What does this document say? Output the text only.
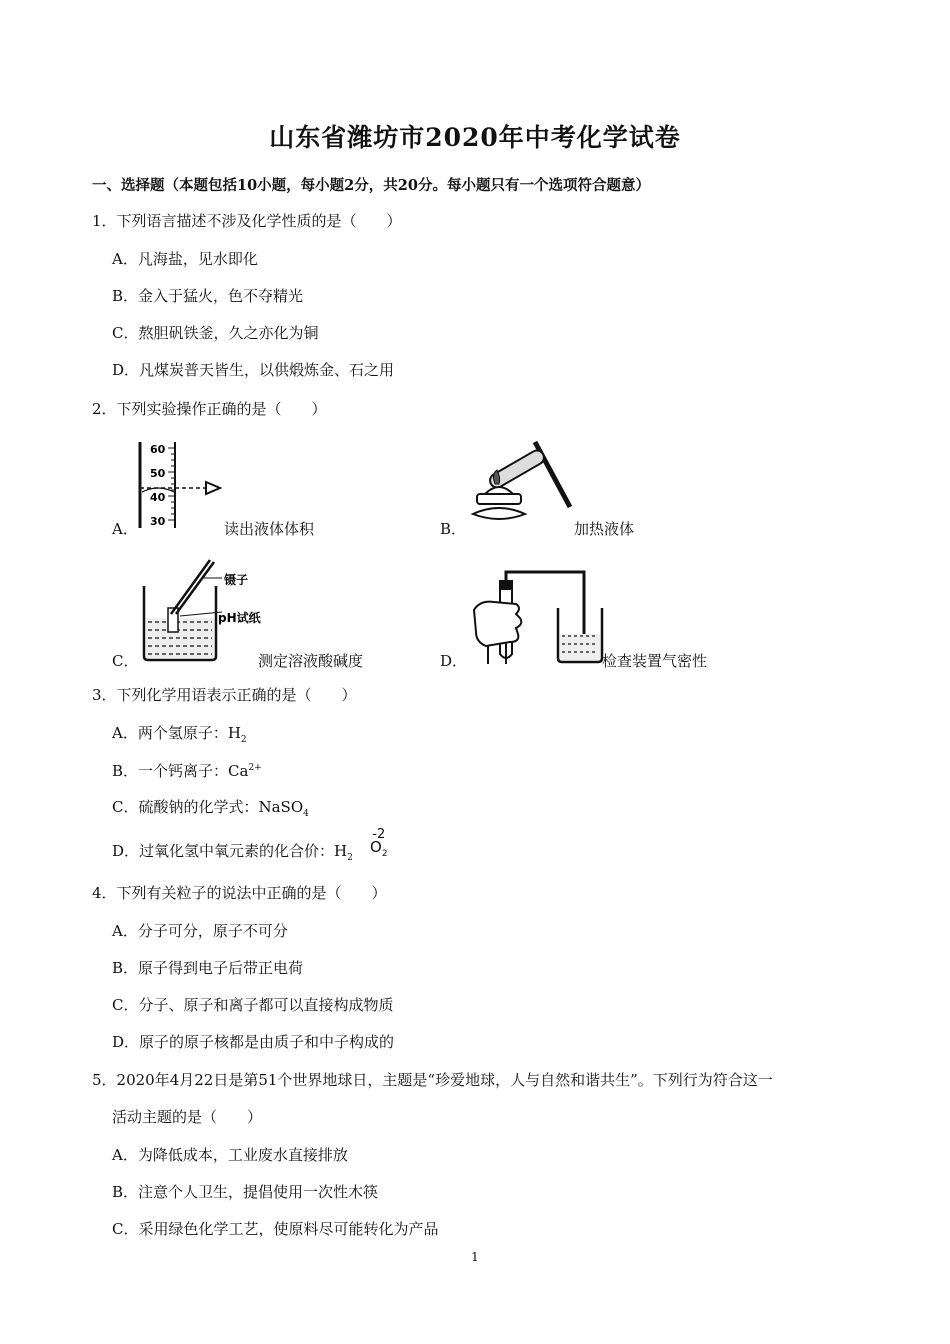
山东省潍坊市2020年中考化学试卷
一、选择题（本题包括10小题，每小题2分，共20分。每小题只有一个选项符合题意）
1．下列语言描述不涉及化学性质的是（　　）
A．凡海盐，见水即化
B．金入于猛火，色不夺精光
C．熬胆矾铁釜，久之亦化为铜
D．凡煤炭普天皆生，以供煅炼金、石之用
2．下列实验操作正确的是（　　）
A．
60
50
40
30	读出液体体积	B．	加热液体
C．
镊子
pH试纸
测定溶液酸碱度	D．	检查装置气密性
3．下列化学用语表示正确的是（　　）
A．两个氢原子：$H_2$
B．一个钙离子：$Ca^{2+}$
C．硫酸钠的化学式：NaSO$_4$
D．过氧化氢中氧元素的化合价：$H_2$
-2
$O_2$
4．下列有关粒子的说法中正确的是（　　）
A．分子可分，原子不可分
B．原子得到电子后带正电荷
C．分子、原子和离子都可以直接构成物质
D．原子的原子核都是由质子和中子构成的
5．2020年4月22日是第51个世界地球日，主题是“珍爱地球，人与自然和谐共生”。下列行为符合这一
活动主题的是（　　）
A．为降低成本，工业废水直接排放
B．注意个人卫生，提倡使用一次性木筷
C．采用绿色化学工艺，使原料尽可能转化为产品
1
